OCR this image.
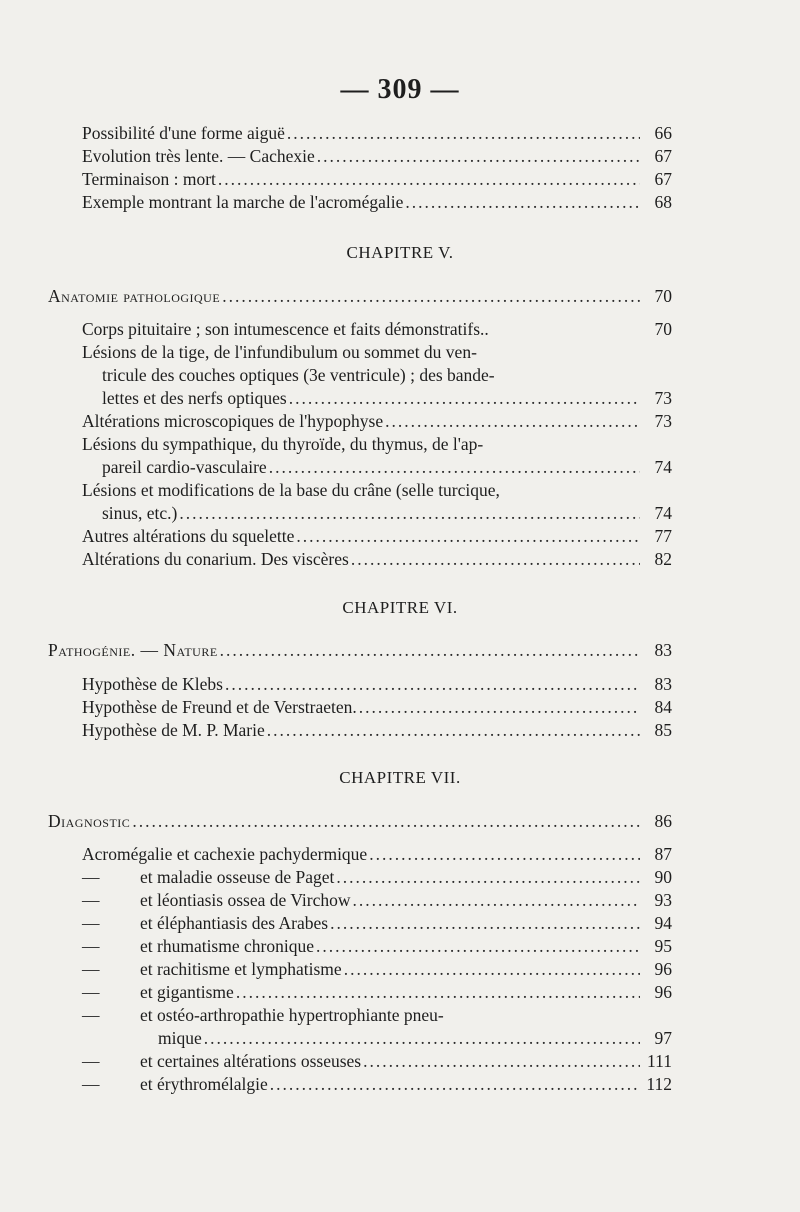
— 309 —
Possibilité d'une forme aiguë .....	66
Evolution très lente. — Cachexie .....	67
Terminaison : mort .....	67
Exemple montrant la marche de l'acromégalie .....	68
CHAPITRE V.
Anatomie pathologique .....	70
Corps pituitaire ; son intumescence et faits démonstratifs..	70
Lésions de la tige, de l'infundibulum ou sommet du ven-
tricule des couches optiques (3e ventricule) ; des bande-
lettes et des nerfs optiques .....	73
Altérations microscopiques de l'hypophyse .....	73
Lésions du sympathique, du thyroïde, du thymus, de l'ap-
pareil cardio-vasculaire .....	74
Lésions et modifications de la base du crâne (selle turcique,
sinus, etc.) .....	74
Autres altérations du squelette .....	77
Altérations du conarium. Des viscères .....	82
CHAPITRE VI.
Pathogénie. — Nature .....	83
Hypothèse de Klebs .....	83
Hypothèse de Freund et de Verstraeten. .....	84
Hypothèse de M. P. Marie .....	85
CHAPITRE VII.
Diagnostic .....	86
Acromégalie et cachexie pachydermique .....	87
— et maladie osseuse de Paget .....	90
— et léontiasis ossea de Virchow .....	93
— et éléphantiasis des Arabes .....	94
— et rhumatisme chronique .....	95
— et rachitisme et lymphatisme .....	96
— et gigantisme .....	96
— et ostéo-arthropathie hypertrophiante pneu-
mique .....	97
— et certaines altérations osseuses .....	111
— et érythromélalgie .....	112
